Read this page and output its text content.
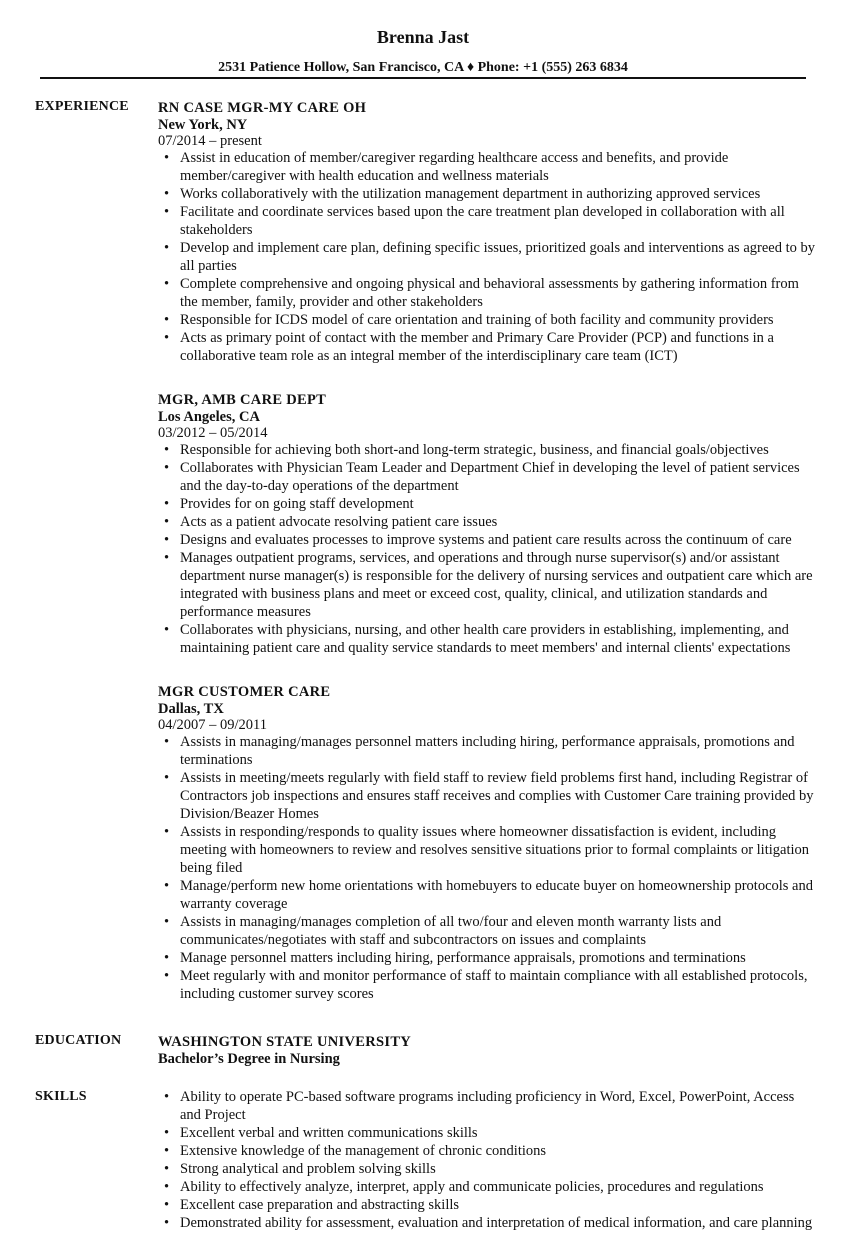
Brenna Jast
2531 Patience Hollow, San Francisco, CA ♦ Phone: +1 (555) 263 6834
EXPERIENCE
EDUCATION
SKILLS
RN CASE MGR-MY CARE OH
New York, NY
07/2014 – present
• Assist in education of member/caregiver regarding healthcare access and benefits, and provide member/caregiver with health education and wellness materials
• Works collaboratively with the utilization management department in authorizing approved services
• Facilitate and coordinate services based upon the care treatment plan developed in collaboration with all stakeholders
• Develop and implement care plan, defining specific issues, prioritized goals and interventions as agreed to by all parties
• Complete comprehensive and ongoing physical and behavioral assessments by gathering information from the member, family, provider and other stakeholders
• Responsible for ICDS model of care orientation and training of both facility and community providers
• Acts as primary point of contact with the member and Primary Care Provider (PCP) and functions in a collaborative team role as an integral member of the interdisciplinary care team (ICT)
MGR, AMB CARE DEPT
Los Angeles, CA
03/2012 – 05/2014
• Responsible for achieving both short-and long-term strategic, business, and financial goals/objectives
• Collaborates with Physician Team Leader and Department Chief in developing the level of patient services and the day-to-day operations of the department
• Provides for on going staff development
• Acts as a patient advocate resolving patient care issues
• Designs and evaluates processes to improve systems and patient care results across the continuum of care
• Manages outpatient programs, services, and operations and through nurse supervisor(s) and/or assistant department nurse manager(s) is responsible for the delivery of nursing services and outpatient care which are integrated with business plans and meet or exceed cost, quality, clinical, and utilization standards and performance measures
• Collaborates with physicians, nursing, and other health care providers in establishing, implementing, and maintaining patient care and quality service standards to meet members' and internal clients' expectations
MGR CUSTOMER CARE
Dallas, TX
04/2007 – 09/2011
• Assists in managing/manages personnel matters including hiring, performance appraisals, promotions and terminations
• Assists in meeting/meets regularly with field staff to review field problems first hand, including Registrar of Contractors job inspections and ensures staff receives and complies with Customer Care training provided by Division/Beazer Homes
• Assists in responding/responds to quality issues where homeowner dissatisfaction is evident, including meeting with homeowners to review and resolves sensitive situations prior to formal complaints or litigation being filed
• Manage/perform new home orientations with homebuyers to educate buyer on homeownership protocols and warranty coverage
• Assists in managing/manages completion of all two/four and eleven month warranty lists and communicates/negotiates with staff and subcontractors on issues and complaints
• Manage personnel matters including hiring, performance appraisals, promotions and terminations
• Meet regularly with and monitor performance of staff to maintain compliance with all established protocols, including customer survey scores
WASHINGTON STATE UNIVERSITY
Bachelor’s Degree in Nursing
• Ability to operate PC-based software programs including proficiency in Word, Excel, PowerPoint, Access and Project
• Excellent verbal and written communications skills
• Extensive knowledge of the management of chronic conditions
• Strong analytical and problem solving skills
• Ability to effectively analyze, interpret, apply and communicate policies, procedures and regulations
• Excellent case preparation and abstracting skills
• Demonstrated ability for assessment, evaluation and interpretation of medical information, and care planning
